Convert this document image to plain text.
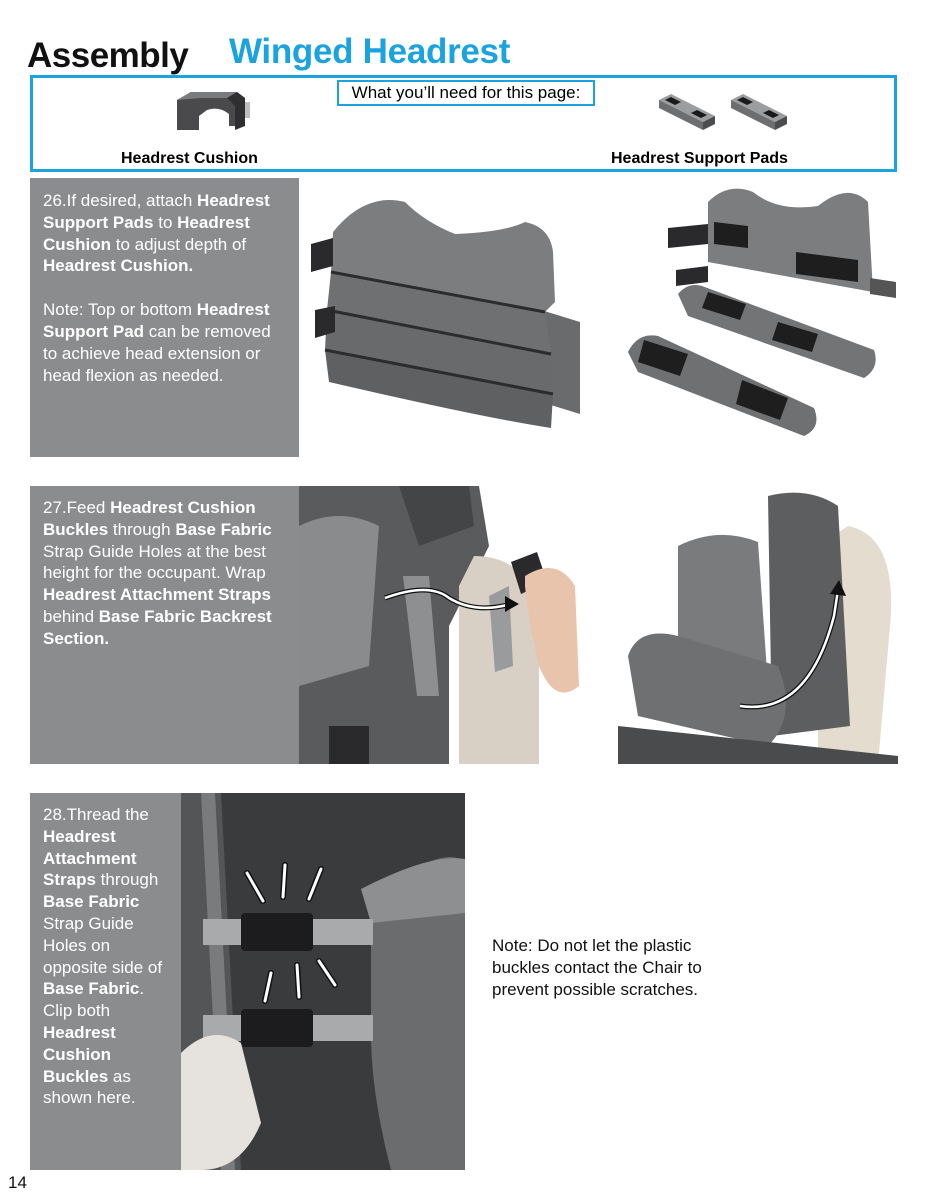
Assembly Winged Headrest
What you’ll need for this page:
Headrest Cushion	Headrest Support Pads

26.If desired, attach Headrest Support Pads to Headrest Cushion to adjust depth of Headrest Cushion.

Note: Top or bottom Headrest Support Pad can be removed to achieve head extension or head flexion as needed.

27.Feed Headrest Cushion Buckles through Base Fabric Strap Guide Holes at the best height for the occupant. Wrap Headrest Attachment Straps behind Base Fabric Backrest Section.

28.Thread the Headrest Attachment Straps through Base Fabric Strap Guide Holes on opposite side of Base Fabric. Clip both Headrest Cushion Buckles as shown here.

Note: Do not let the plastic buckles contact the Chair to prevent possible scratches.
14
